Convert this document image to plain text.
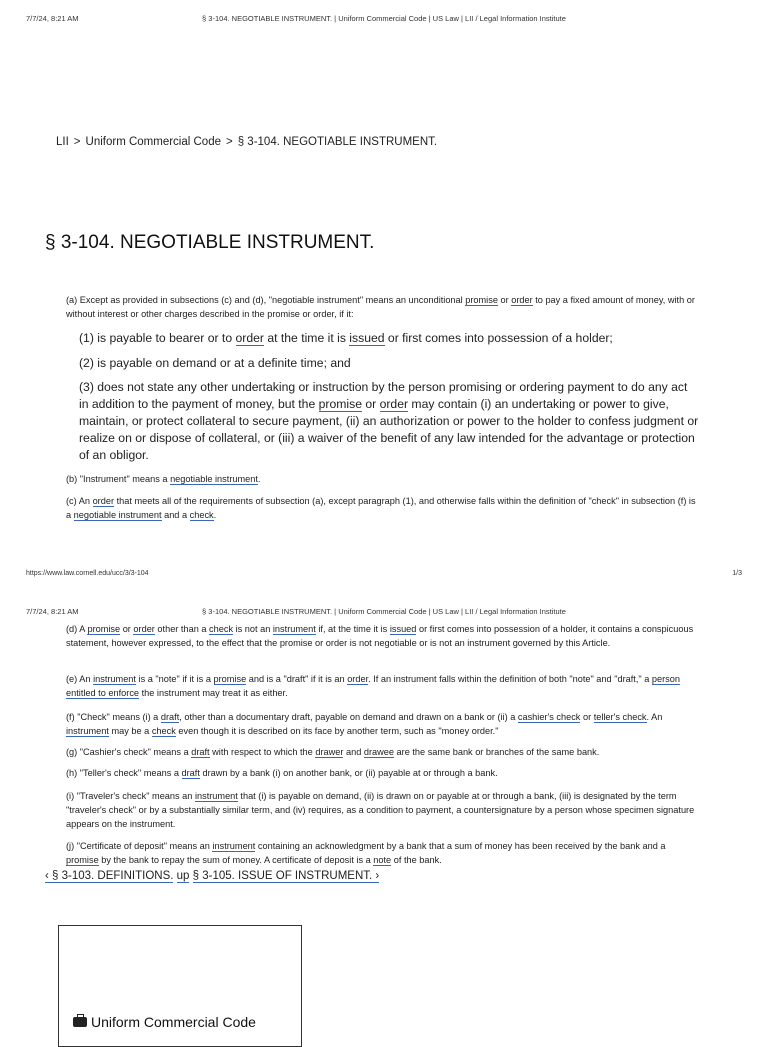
§ 3-104. NEGOTIABLE INSTRUMENT. | Uniform Commercial Code | US Law | LII / Legal Information Institute
7/7/24, 8:21 AM
LII > Uniform Commercial Code > § 3-104. NEGOTIABLE INSTRUMENT.
§ 3-104. NEGOTIABLE INSTRUMENT.

(a) Except as provided in subsections (c) and (d), "negotiable instrument" means an unconditional promise or order to pay a fixed amount of money, with or without interest or other charges described in the promise or order, if it:

(1) is payable to bearer or to order at the time it is issued or first comes into possession of a holder;

(2) is payable on demand or at a definite time; and

(3) does not state any other undertaking or instruction by the person promising or ordering payment to do any act in addition to the payment of money, but the promise or order may contain (i) an undertaking or power to give, maintain, or protect collateral to secure payment, (ii) an authorization or power to the holder to confess judgment or realize on or dispose of collateral, or (iii) a waiver of the benefit of any law intended for the advantage or protection of an obligor.

(b) "Instrument" means a negotiable instrument.

(c) An order that meets all of the requirements of subsection (a), except paragraph (1), and otherwise falls within the definition of "check" in subsection (f) is a negotiable instrument and a check.

https://www.law.cornell.edu/ucc/3/3-104	1/3
§ 3-104. NEGOTIABLE INSTRUMENT. | Uniform Commercial Code | US Law | LII / Legal Information Institute
7/7/24, 8:21 AM

(d) A promise or order other than a check is not an instrument if, at the time it is issued or first comes into possession of a holder, it contains a conspicuous statement, however expressed, to the effect that the promise or order is not negotiable or is not an instrument governed by this Article.

(e) An instrument is a "note" if it is a promise and is a "draft" if it is an order. If an instrument falls within the definition of both "note" and "draft," a person entitled to enforce the instrument may treat it as either.

(f) "Check" means (i) a draft, other than a documentary draft, payable on demand and drawn on a bank or (ii) a cashier's check or teller's check. An instrument may be a check even though it is described on its face by another term, such as "money order."

(g) "Cashier's check" means a draft with respect to which the drawer and drawee are the same bank or branches of the same bank.

(h) "Teller's check" means a draft drawn by a bank (i) on another bank, or (ii) payable at or through a bank.

(i) "Traveler's check" means an instrument that (i) is payable on demand, (ii) is drawn on or payable at or through a bank, (iii) is designated by the term "traveler's check" or by a substantially similar term, and (iv) requires, as a condition to payment, a countersignature by a person whose specimen signature appears on the instrument.

(j) "Certificate of deposit" means an instrument containing an acknowledgment by a bank that a sum of money has been received by the bank and a promise by the bank to repay the sum of money. A certificate of deposit is a note of the bank.

‹ § 3-103. DEFINITIONS. up § 3-105. ISSUE OF INSTRUMENT. ›
Uniform Commercial Code
